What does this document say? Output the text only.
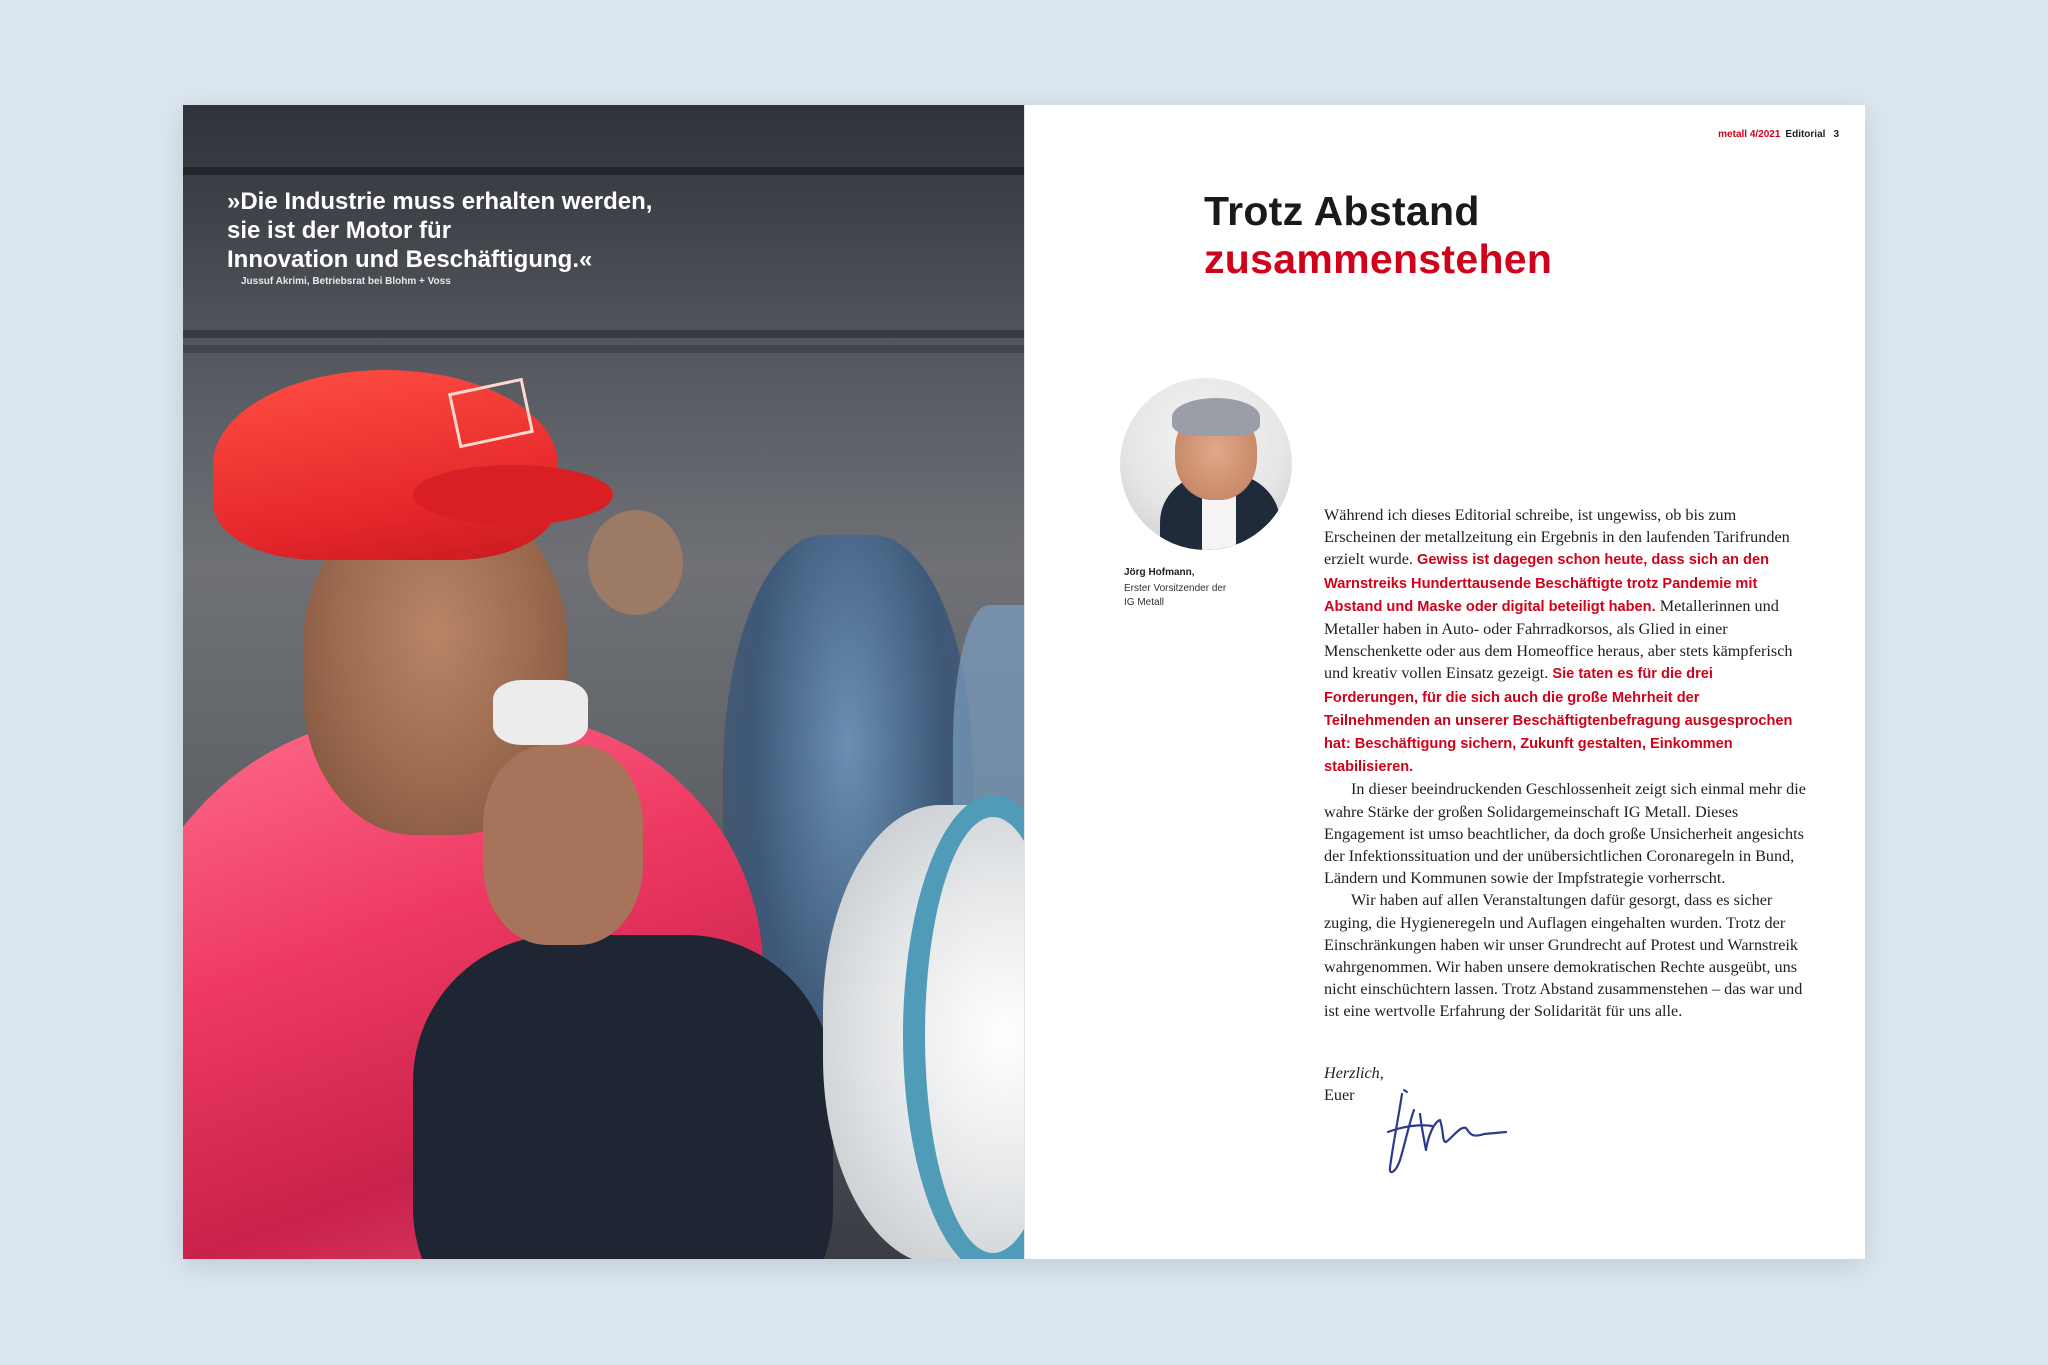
»Die Industrie muss erhalten werden,
sie ist der Motor für
Innovation und Beschäftigung.«
Jussuf Akrimi, Betriebsrat bei Blohm + Voss
metall 4/2021 Editorial 3
Trotz Abstand
zusammenstehen
Jörg Hofmann,
Erster Vorsitzender der IG Metall

Während ich dieses Editorial schreibe, ist ungewiss, ob bis zum Erscheinen der metallzeitung ein Ergebnis in den laufenden Tarifrunden erzielt wurde. Gewiss ist dagegen schon heute, dass sich an den Warnstreiks Hunderttausende Beschäftigte trotz Pandemie mit Abstand und Maske oder digital beteiligt haben. Metallerinnen und Metaller haben in Auto- oder Fahrradkorsos, als Glied in einer Menschenkette oder aus dem Homeoffice heraus, aber stets kämpferisch und kreativ vollen Einsatz gezeigt. Sie taten es für die drei Forderungen, für die sich auch die große Mehrheit der Teilnehmenden an unserer Beschäftigtenbefragung ausgesprochen hat: Beschäftigung sichern, Zukunft gestalten, Einkommen stabilisieren.

In dieser beeindruckenden Geschlossenheit zeigt sich einmal mehr die wahre Stärke der großen Solidargemeinschaft IG Metall. Dieses Engagement ist umso beachtlicher, da doch große Unsicherheit angesichts der Infektionssituation und der unübersichtlichen Coronaregeln in Bund, Ländern und Kommunen sowie der Impfstrategie vorherrscht.

Wir haben auf allen Veranstaltungen dafür gesorgt, dass es sicher zuging, die Hygieneregeln und Auflagen eingehalten wurden. Trotz der Einschränkungen haben wir unser Grundrecht auf Protest und Warnstreik wahrgenommen. Wir haben unsere demokratischen Rechte ausgeübt, uns nicht einschüchtern lassen. Trotz Abstand zusammenstehen – das war und ist eine wertvolle Erfahrung der Solidarität für uns alle.

Herzlich,
Euer
